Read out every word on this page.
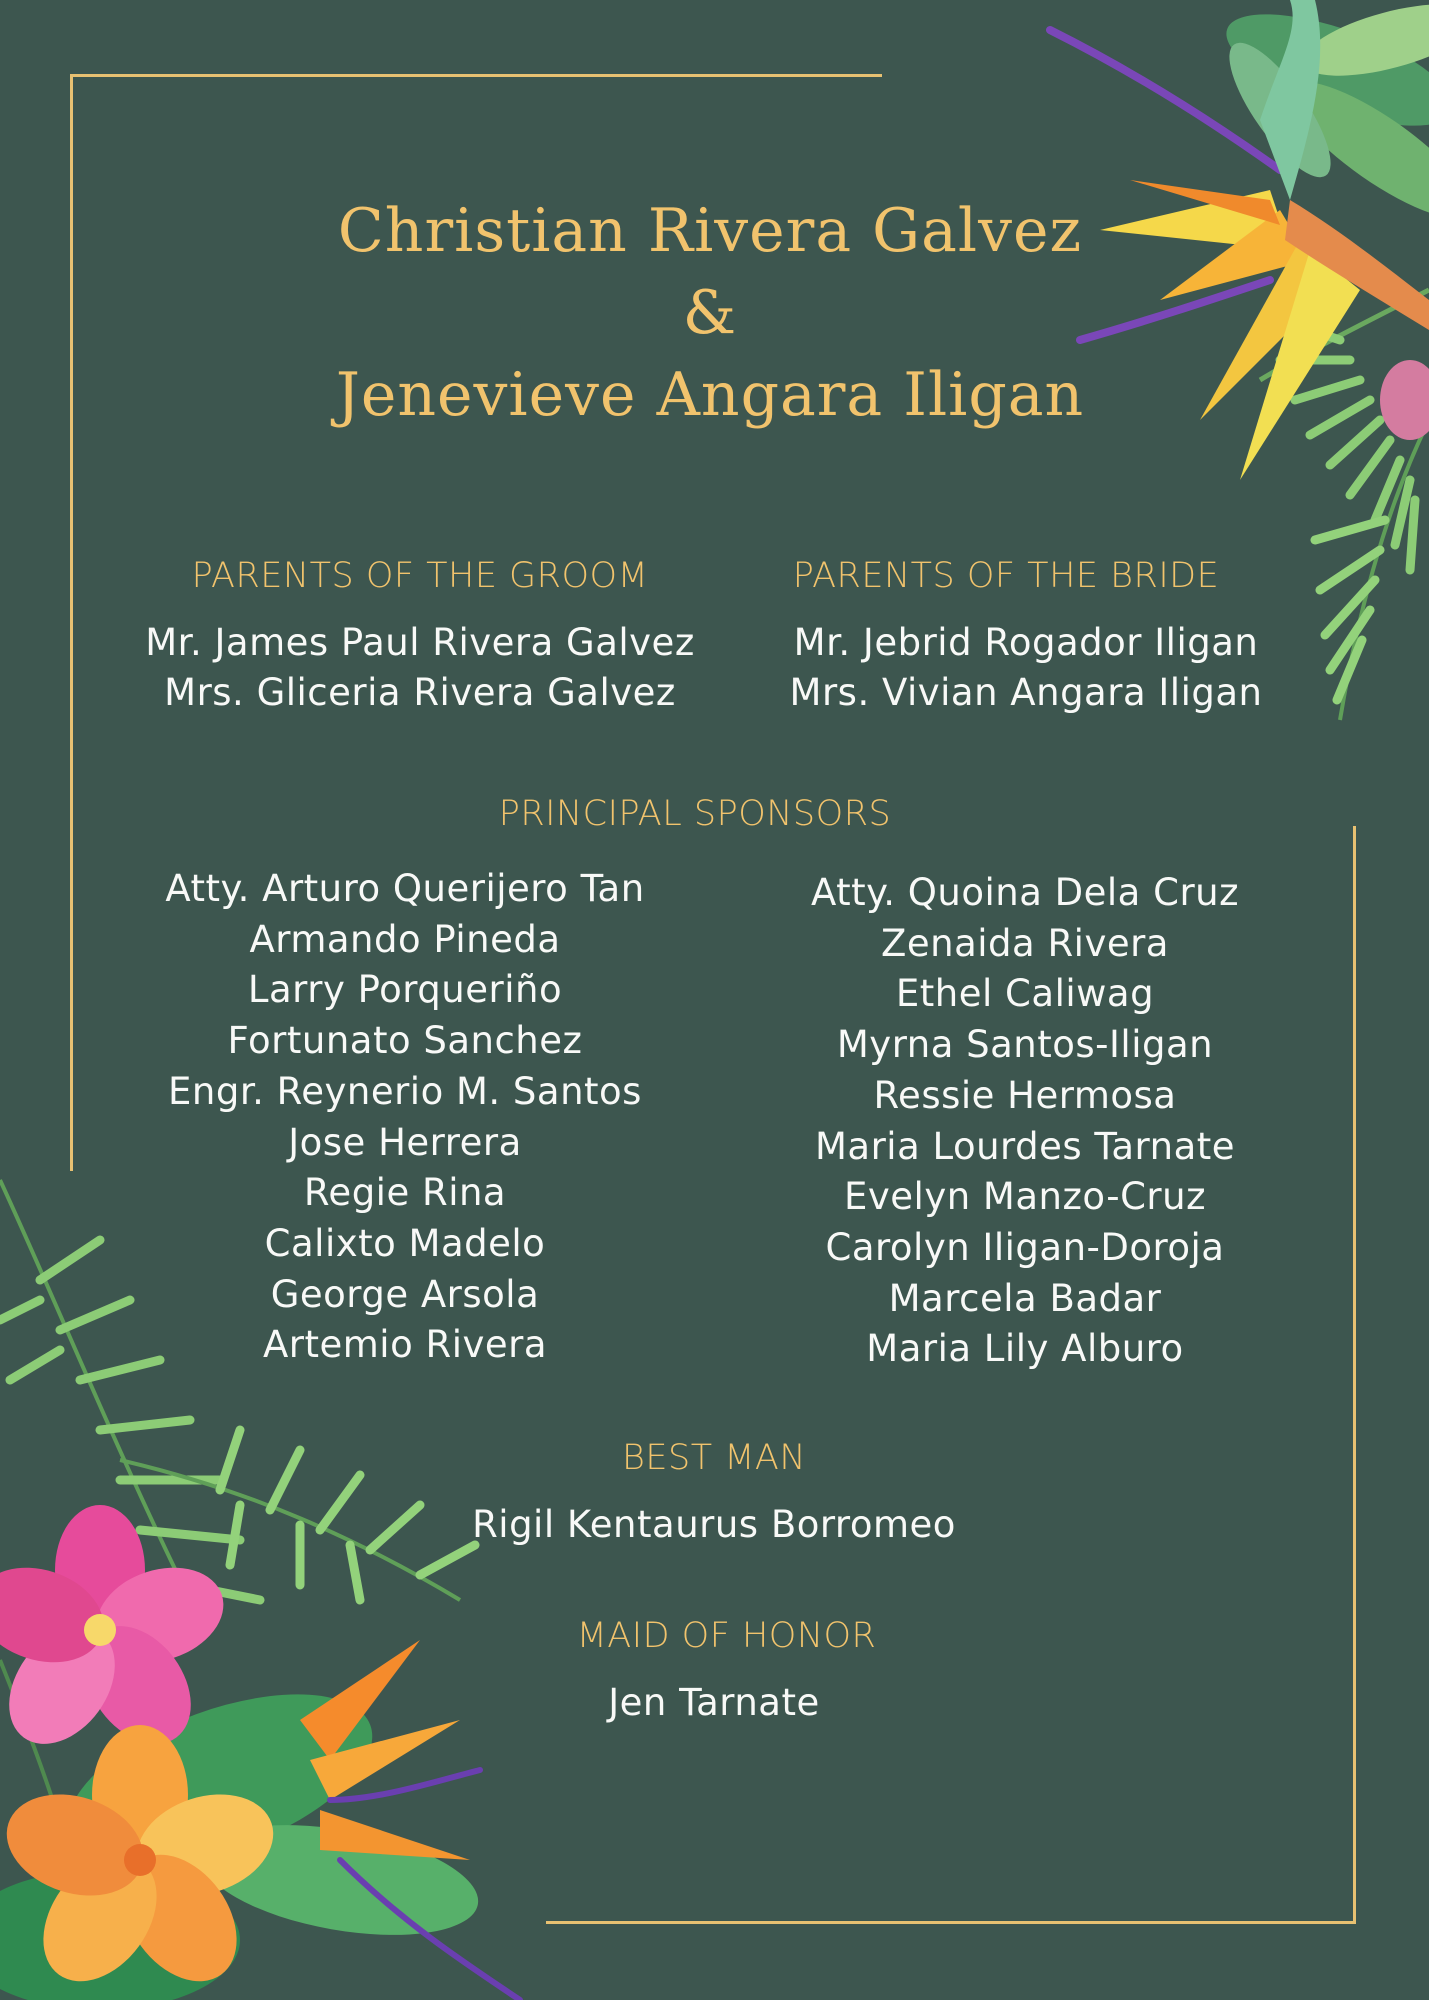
Christian Rivera Galvez
&
Jenevieve Angara Iligan
PARENTS OF THE GROOM
Mr. James Paul Rivera Galvez
Mrs. Gliceria Rivera Galvez
PARENTS OF THE BRIDE
Mr. Jebrid Rogador Iligan
Mrs. Vivian Angara Iligan
PRINCIPAL SPONSORS
Atty. Arturo Querijero Tan
Armando Pineda
Larry Porqueriño
Fortunato Sanchez
Engr. Reynerio M. Santos
Jose Herrera
Regie Rina
Calixto Madelo
George Arsola
Artemio Rivera
Atty. Quoina Dela Cruz
Zenaida Rivera
Ethel Caliwag
Myrna Santos-Iligan
Ressie Hermosa
Maria Lourdes Tarnate
Evelyn Manzo-Cruz
Carolyn Iligan-Doroja
Marcela Badar
Maria Lily Alburo
BEST MAN
Rigil Kentaurus Borromeo
MAID OF HONOR
Jen Tarnate
